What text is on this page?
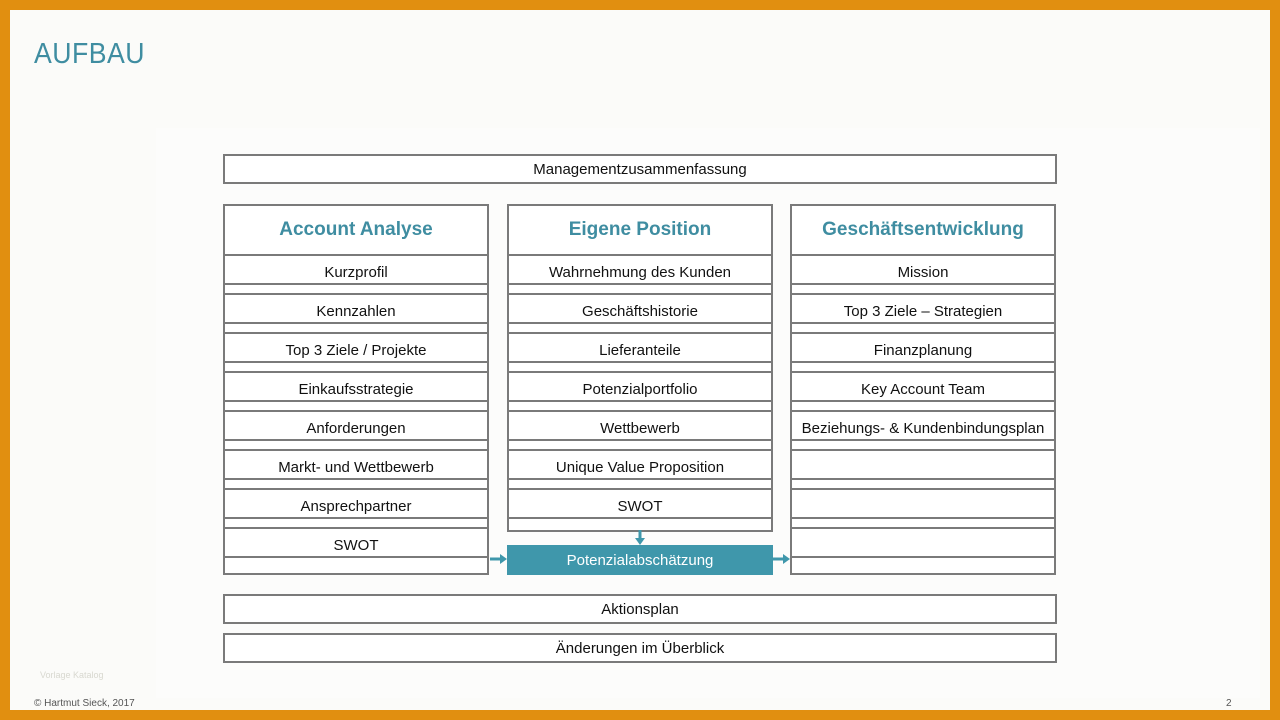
AUFBAU
Managementzusammenfassung
Account Analyse
Kurzprofil
Kennzahlen
Top 3 Ziele / Projekte
Einkaufsstrategie
Anforderungen
Markt- und Wettbewerb
Ansprechpartner
SWOT
Eigene Position
Wahrnehmung des Kunden
Geschäftshistorie
Lieferanteile
Potenzialportfolio
Wettbewerb
Unique Value Proposition
SWOT
Geschäftsentwicklung
Mission
Top 3 Ziele – Strategien
Finanzplanung
Key Account Team
Beziehungs- & Kundenbindungsplan
Potenzialabschätzung
Aktionsplan
Änderungen im Überblick
Vorlage Katalog
© Hartmut Sieck, 2017	2
